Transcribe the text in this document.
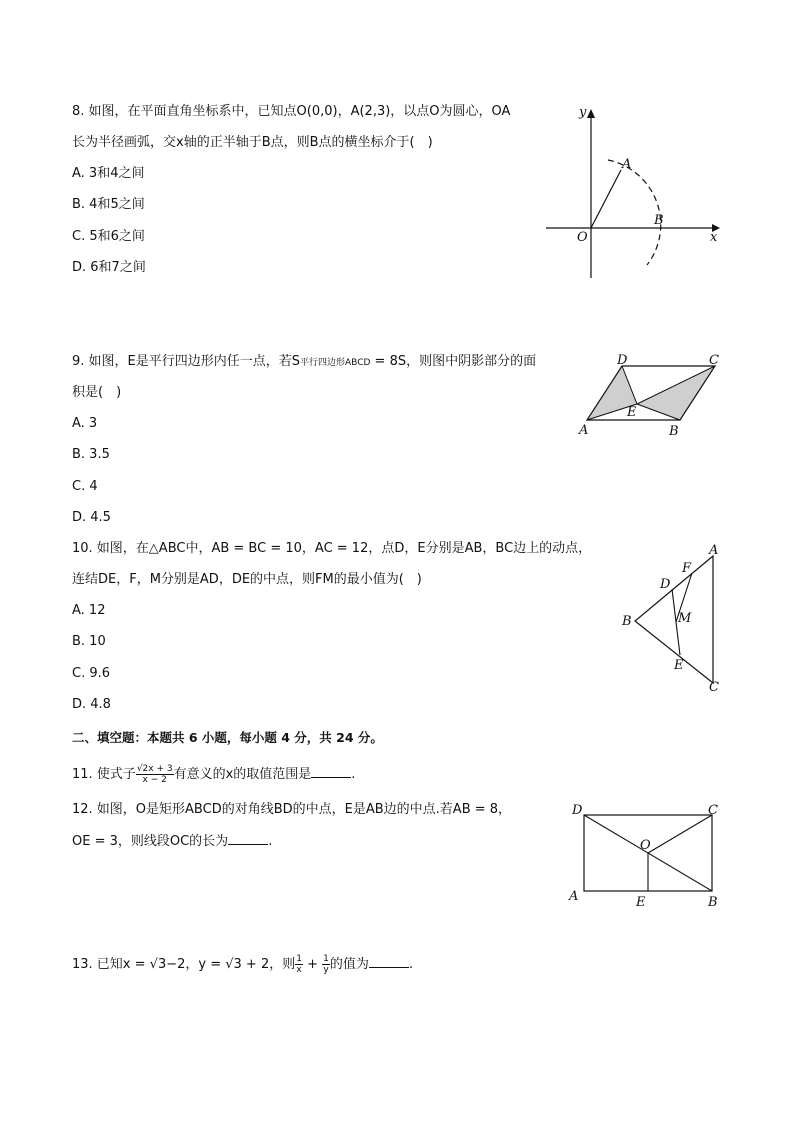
8. 如图，在平面直角坐标系中，已知点O(0,0)，A(2,3)，以点O为圆心，OA
长为半径画弧，交x轴的正半轴于B点，则B点的横坐标介于(　)
A. 3和4之间
B. 4和5之间
C. 5和6之间
D. 6和7之间
y
x
O
A
B
9. 如图，E是平行四边形内任一点，若S平行四边形ABCD = 8S，则图中阴影部分的面
积是(　)
A. 3
B. 3.5
C. 4
D. 4.5
A	B
C
D
E
10. 如图，在△ABC中，AB = BC = 10，AC = 12，点D，E分别是AB，BC边上的动点，
连结DE，F，M分别是AD，DE的中点，则FM的最小值为(　)
A. 12
B. 10
C. 9.6
D. 4.8
A
B
C
D
E
F
M
二、填空题：本题共 6 小题，每小题 4 分，共 24 分。
11. 使式子 $\frac{√2x + 3}{x - 2}$ 有意义的x的取值范围是	.
12. 如图，O是矩形ABCD的对角线BD的中点，E是AB边的中点.若AB = 8，
OE = 3，则线段OC的长为	.
D	C
A	B
O
E
13. 已知x = √3−2，y = √3 + 2，则 $\frac{1}{x} + \frac{1}{y}$ 的值为	.
